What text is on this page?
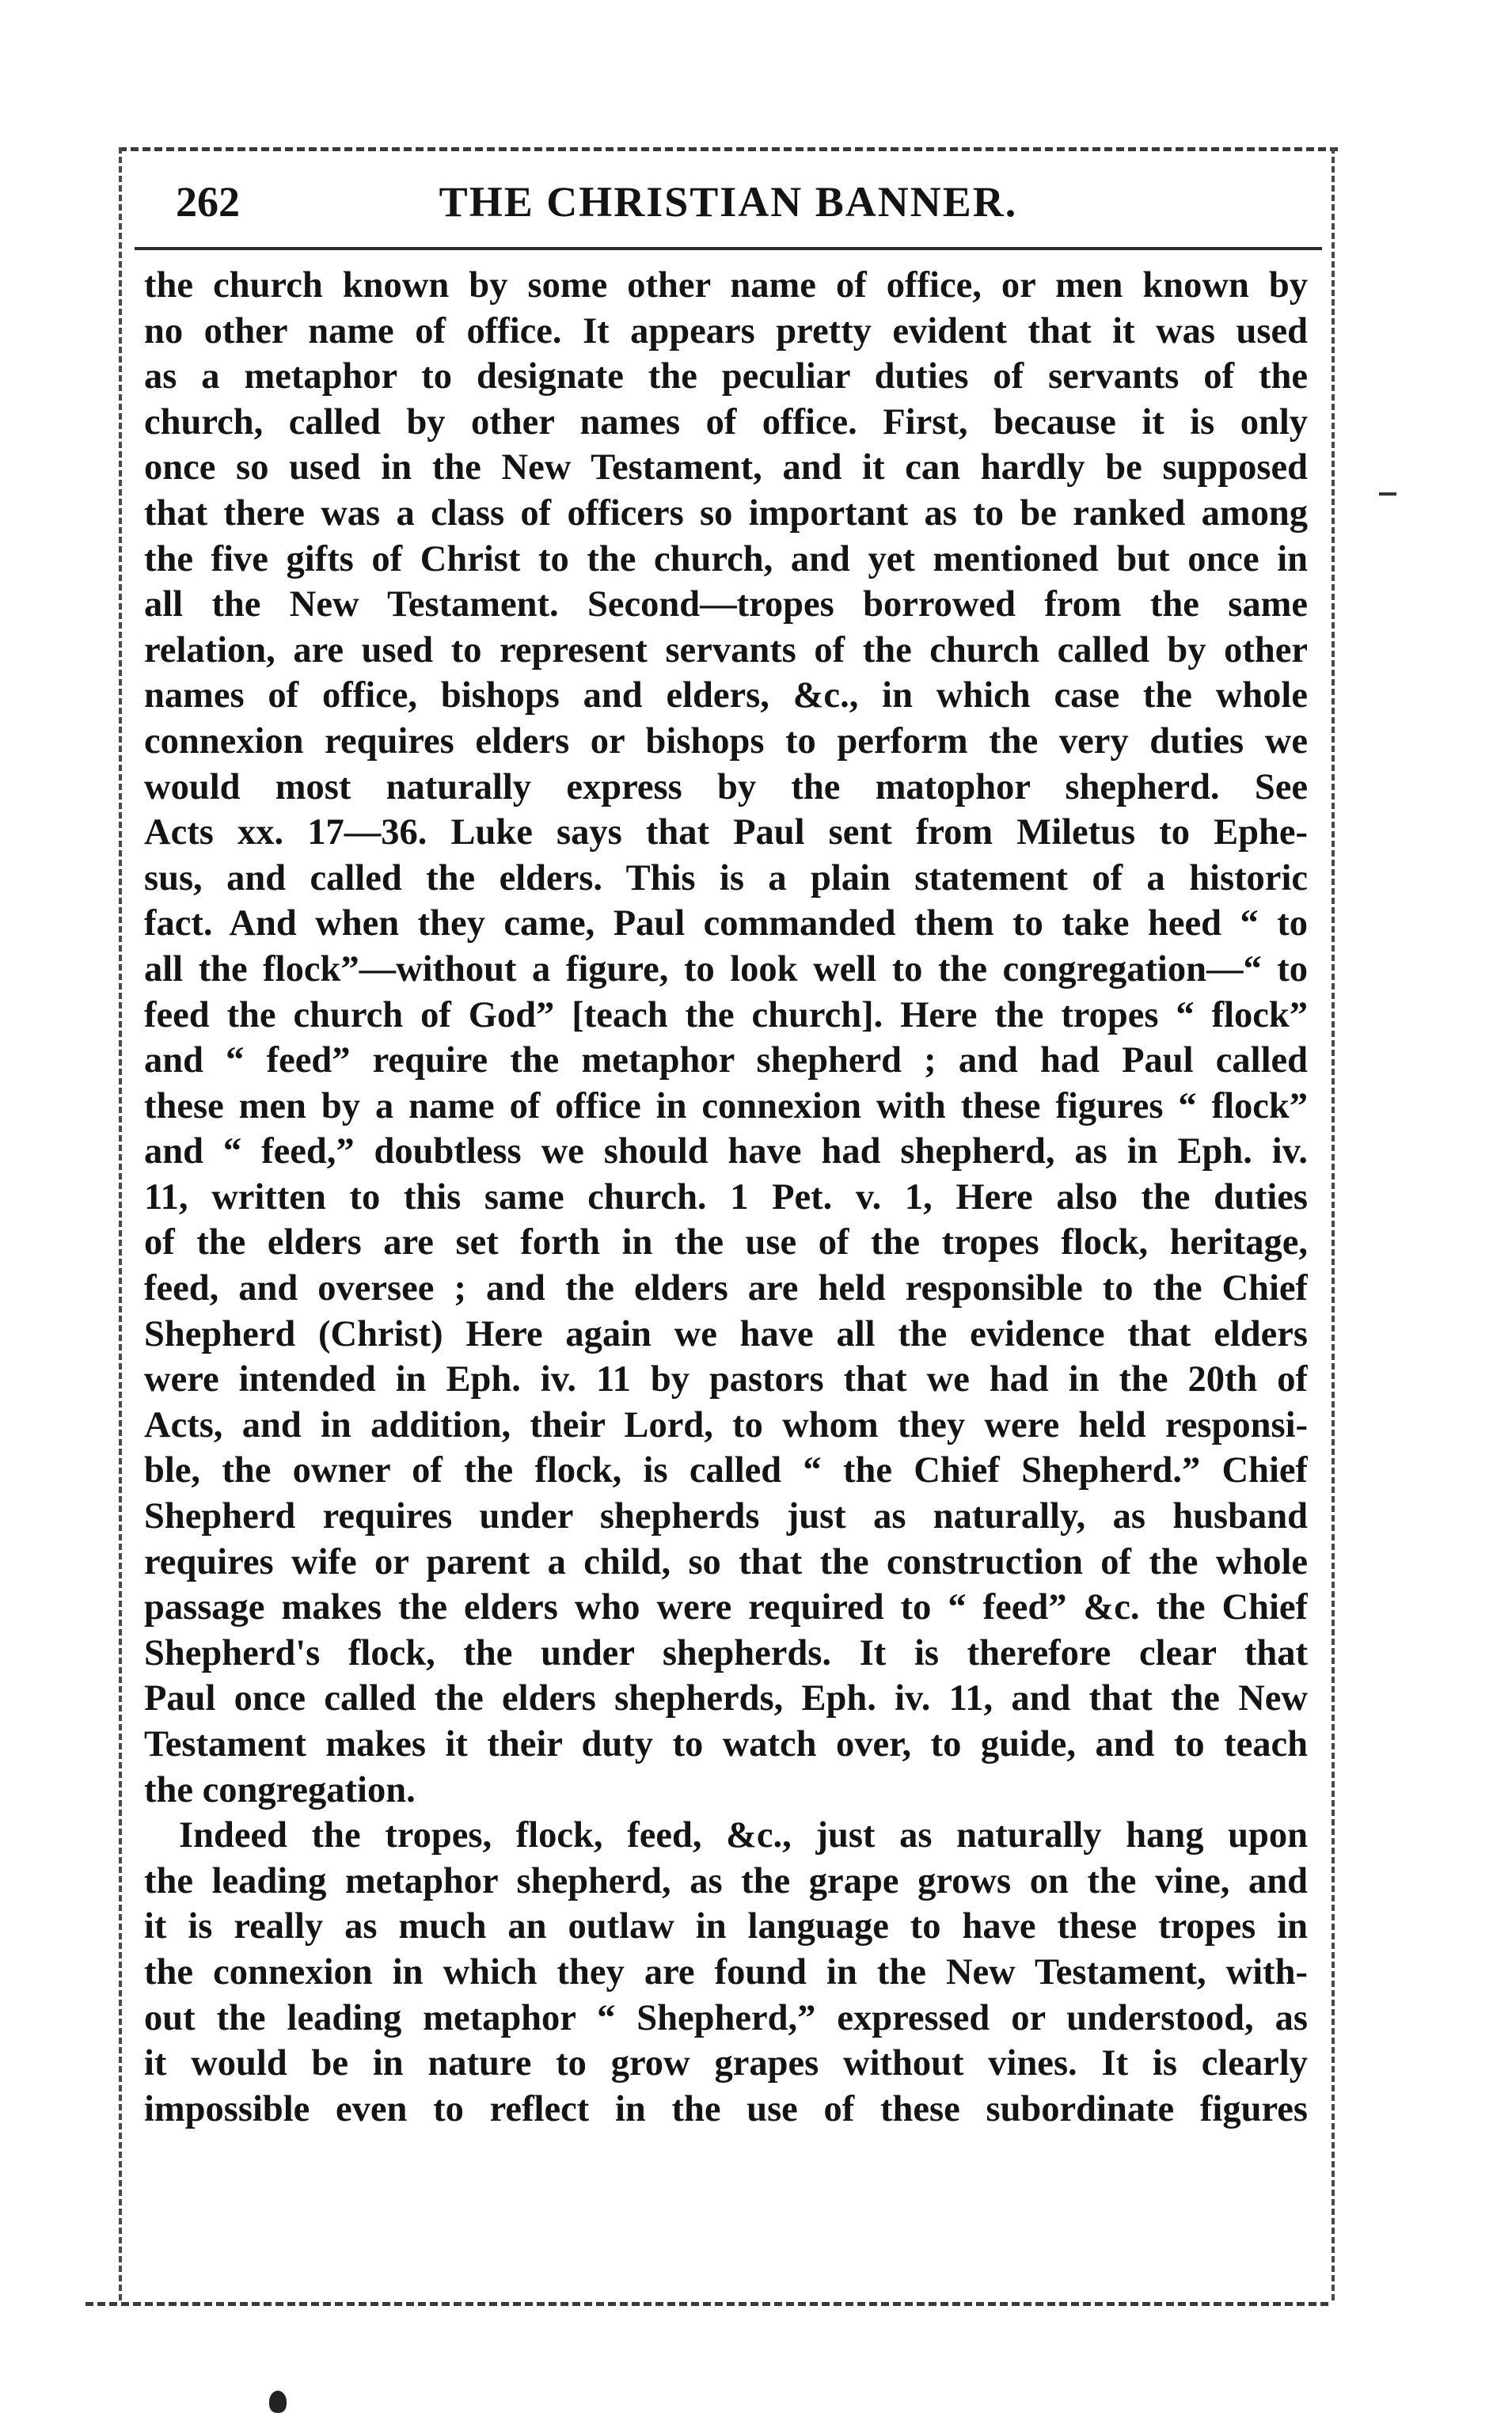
262	THE CHRISTIAN BANNER.
the church known by some other name of office, or men known by
no other name of office. It appears pretty evident that it was used
as a metaphor to designate the peculiar duties of servants of the
church, called by other names of office. First, because it is only
once so used in the New Testament, and it can hardly be supposed
that there was a class of officers so important as to be ranked among
the five gifts of Christ to the church, and yet mentioned but once in
all the New Testament. Second—tropes borrowed from the same
relation, are used to represent servants of the church called by other
names of office, bishops and elders, &c., in which case the whole
connexion requires elders or bishops to perform the very duties we
would most naturally express by the matophor shepherd. See
Acts xx. 17—36. Luke says that Paul sent from Miletus to Ephe-
sus, and called the elders. This is a plain statement of a historic
fact. And when they came, Paul commanded them to take heed “ to
all the flock”—without a figure, to look well to the congregation—“ to
feed the church of God” [teach the church]. Here the tropes “ flock”
and “ feed” require the metaphor shepherd ; and had Paul called
these men by a name of office in connexion with these figures “ flock”
and “ feed,” doubtless we should have had shepherd, as in Eph. iv.
11, written to this same church. 1 Pet. v. 1, Here also the duties
of the elders are set forth in the use of the tropes flock, heritage,
feed, and oversee ; and the elders are held responsible to the Chief
Shepherd (Christ) Here again we have all the evidence that elders
were intended in Eph. iv. 11 by pastors that we had in the 20th of
Acts, and in addition, their Lord, to whom they were held responsi-
ble, the owner of the flock, is called “ the Chief Shepherd.” Chief
Shepherd requires under shepherds just as naturally, as husband
requires wife or parent a child, so that the construction of the whole
passage makes the elders who were required to “ feed” &c. the Chief
Shepherd's flock, the under shepherds. It is therefore clear that
Paul once called the elders shepherds, Eph. iv. 11, and that the New
Testament makes it their duty to watch over, to guide, and to teach
the congregation.
Indeed the tropes, flock, feed, &c., just as naturally hang upon
the leading metaphor shepherd, as the grape grows on the vine, and
it is really as much an outlaw in language to have these tropes in
the connexion in which they are found in the New Testament, with-
out the leading metaphor “ Shepherd,” expressed or understood, as
it would be in nature to grow grapes without vines. It is clearly
impossible even to reflect in the use of these subordinate figures
